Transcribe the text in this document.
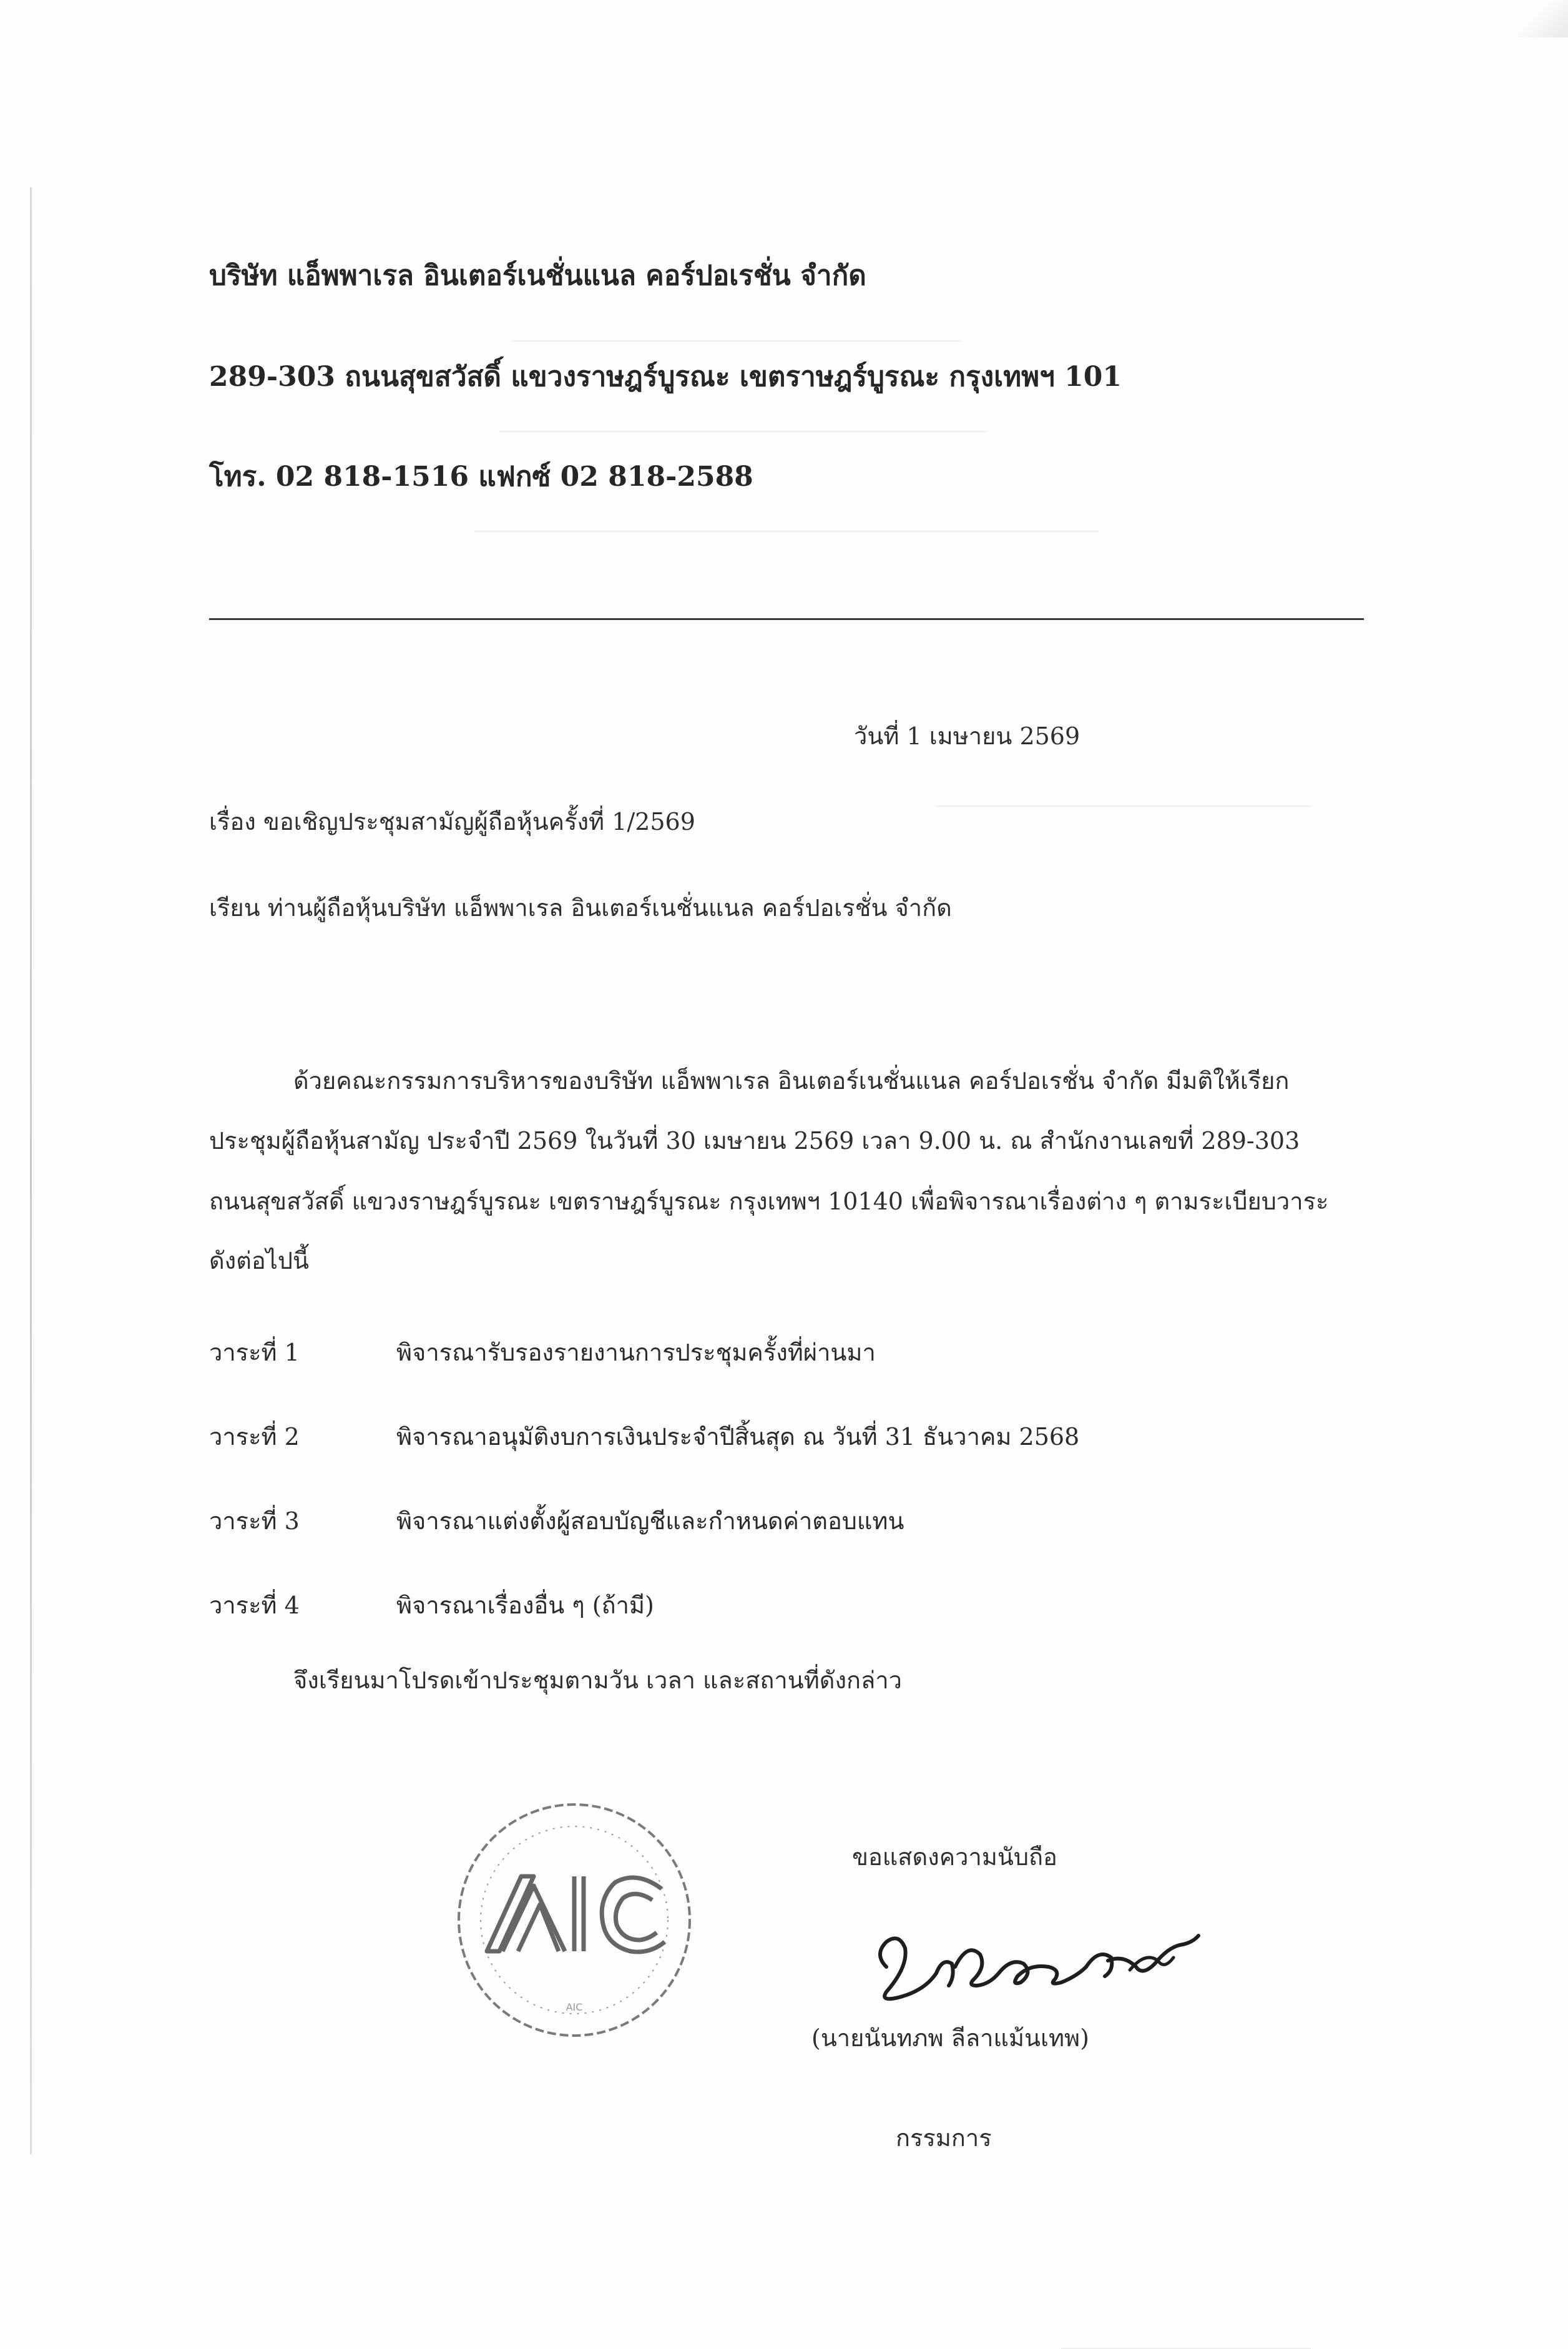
บริษัท แอ็พพาเรล อินเตอร์เนชั่นแนล คอร์ปอเรชั่น จำกัด
289-303 ถนนสุขสวัสดิ์ แขวงราษฎร์บูรณะ เขตราษฎร์บูรณะ กรุงเทพฯ 101
โทร. 02 818-1516 แฟกซ์ 02 818-2588
วันที่ 1 เมษายน 2569
เรื่อง ขอเชิญประชุมสามัญผู้ถือหุ้นครั้งที่ 1/2569
เรียน ท่านผู้ถือหุ้นบริษัท แอ็พพาเรล อินเตอร์เนชั่นแนล คอร์ปอเรชั่น จำกัด
ด้วยคณะกรรมการบริหารของบริษัท แอ็พพาเรล อินเตอร์เนชั่นแนล คอร์ปอเรชั่น จำกัด มีมติให้เรียก
ประชุมผู้ถือหุ้นสามัญ ประจำปี 2569 ในวันที่ 30 เมษายน 2569 เวลา 9.00 น. ณ สำนักงานเลขที่ 289-303
ถนนสุขสวัสดิ์ แขวงราษฎร์บูรณะ เขตราษฎร์บูรณะ กรุงเทพฯ 10140 เพื่อพิจารณาเรื่องต่าง ๆ ตามระเบียบวาระ
ดังต่อไปนี้
วาระที่ 1	พิจารณารับรองรายงานการประชุมครั้งที่ผ่านมา
วาระที่ 2	พิจารณาอนุมัติงบการเงินประจำปีสิ้นสุด ณ วันที่ 31 ธันวาคม 2568
วาระที่ 3	พิจารณาแต่งตั้งผู้สอบบัญชีและกำหนดค่าตอบแทน
วาระที่ 4	พิจารณาเรื่องอื่น ๆ (ถ้ามี)
จึงเรียนมาโปรดเข้าประชุมตามวัน เวลา และสถานที่ดังกล่าว
ขอแสดงความนับถือ
AIC
(นายนันทภพ ลีลาแม้นเทพ)
กรรมการ
